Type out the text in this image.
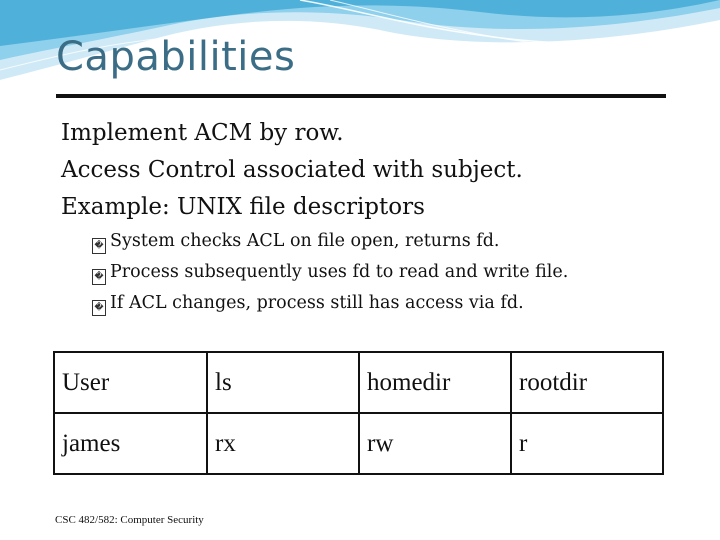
Capabilities
Implement ACM by row.
Access Control associated with subject.
Example: UNIX file descriptors
� System checks ACL on file open, returns fd.
� Process subsequently uses fd to read and write file.
� If ACL changes, process still has access via fd.
User	ls	homedir	rootdir
james	rx	rw	r
CSC 482/582: Computer Security
